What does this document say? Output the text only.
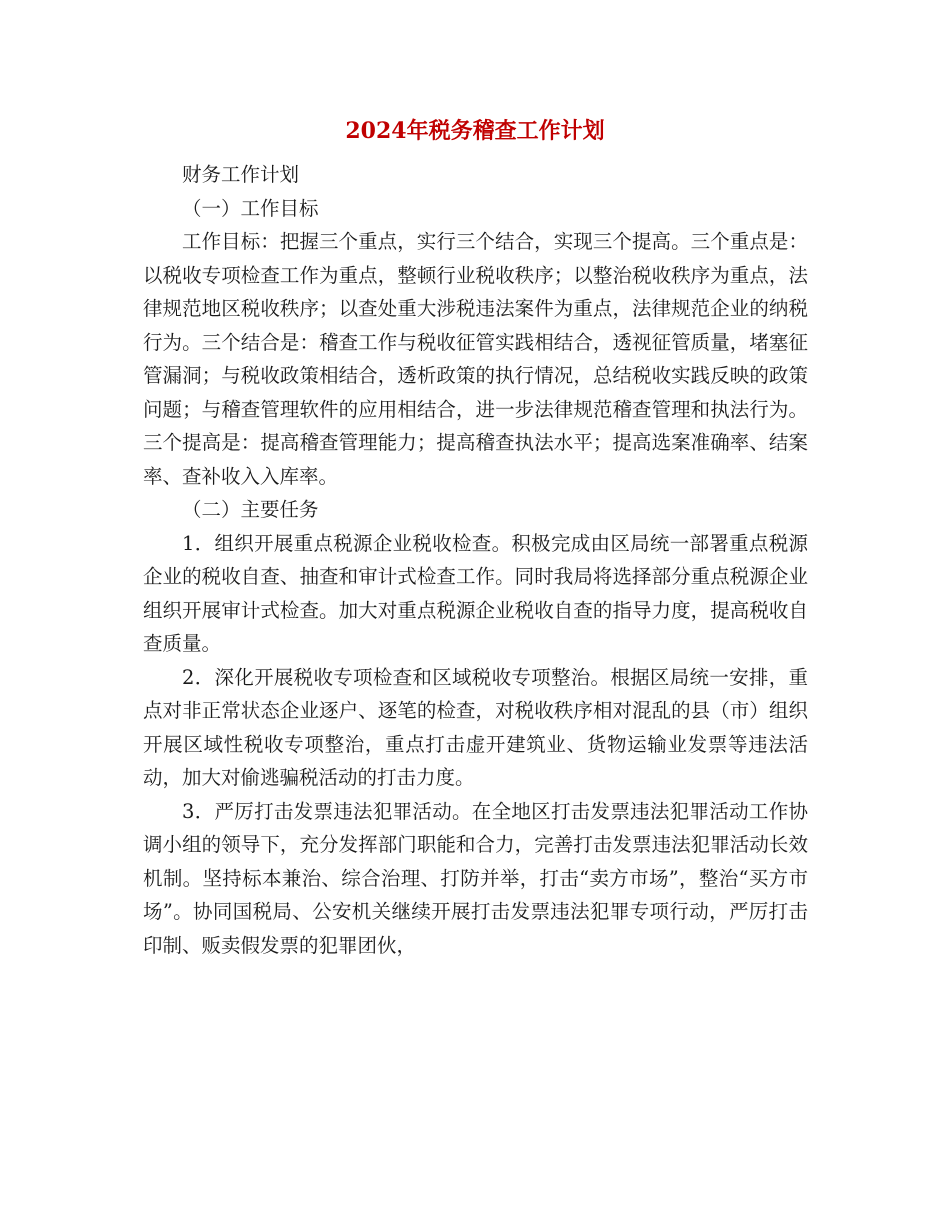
2024年税务稽查工作计划

财务工作计划

（一）工作目标

工作目标：把握三个重点，实行三个结合，实现三个提高。三个重点是：以税收专项检查工作为重点，整顿行业税收秩序；以整治税收秩序为重点，法律规范地区税收秩序；以查处重大涉税违法案件为重点，法律规范企业的纳税行为。三个结合是：稽查工作与税收征管实践相结合，透视征管质量，堵塞征管漏洞；与税收政策相结合，透析政策的执行情况，总结税收实践反映的政策问题；与稽查管理软件的应用相结合，进一步法律规范稽查管理和执法行为。三个提高是：提高稽查管理能力；提高稽查执法水平；提高选案准确率、结案率、查补收入入库率。

（二）主要任务

1．组织开展重点税源企业税收检查。积极完成由区局统一部署重点税源企业的税收自查、抽查和审计式检查工作。同时我局将选择部分重点税源企业组织开展审计式检查。加大对重点税源企业税收自查的指导力度，提高税收自查质量。

2．深化开展税收专项检查和区域税收专项整治。根据区局统一安排，重点对非正常状态企业逐户、逐笔的检查，对税收秩序相对混乱的县（市）组织开展区域性税收专项整治，重点打击虚开建筑业、货物运输业发票等违法活动，加大对偷逃骗税活动的打击力度。

3．严厉打击发票违法犯罪活动。在全地区打击发票违法犯罪活动工作协调小组的领导下，充分发挥部门职能和合力，完善打击发票违法犯罪活动长效机制。坚持标本兼治、综合治理、打防并举，打击“卖方市场”，整治“买方市场”。协同国税局、公安机关继续开展打击发票违法犯罪专项行动，严厉打击印制、贩卖假发票的犯罪团伙，
